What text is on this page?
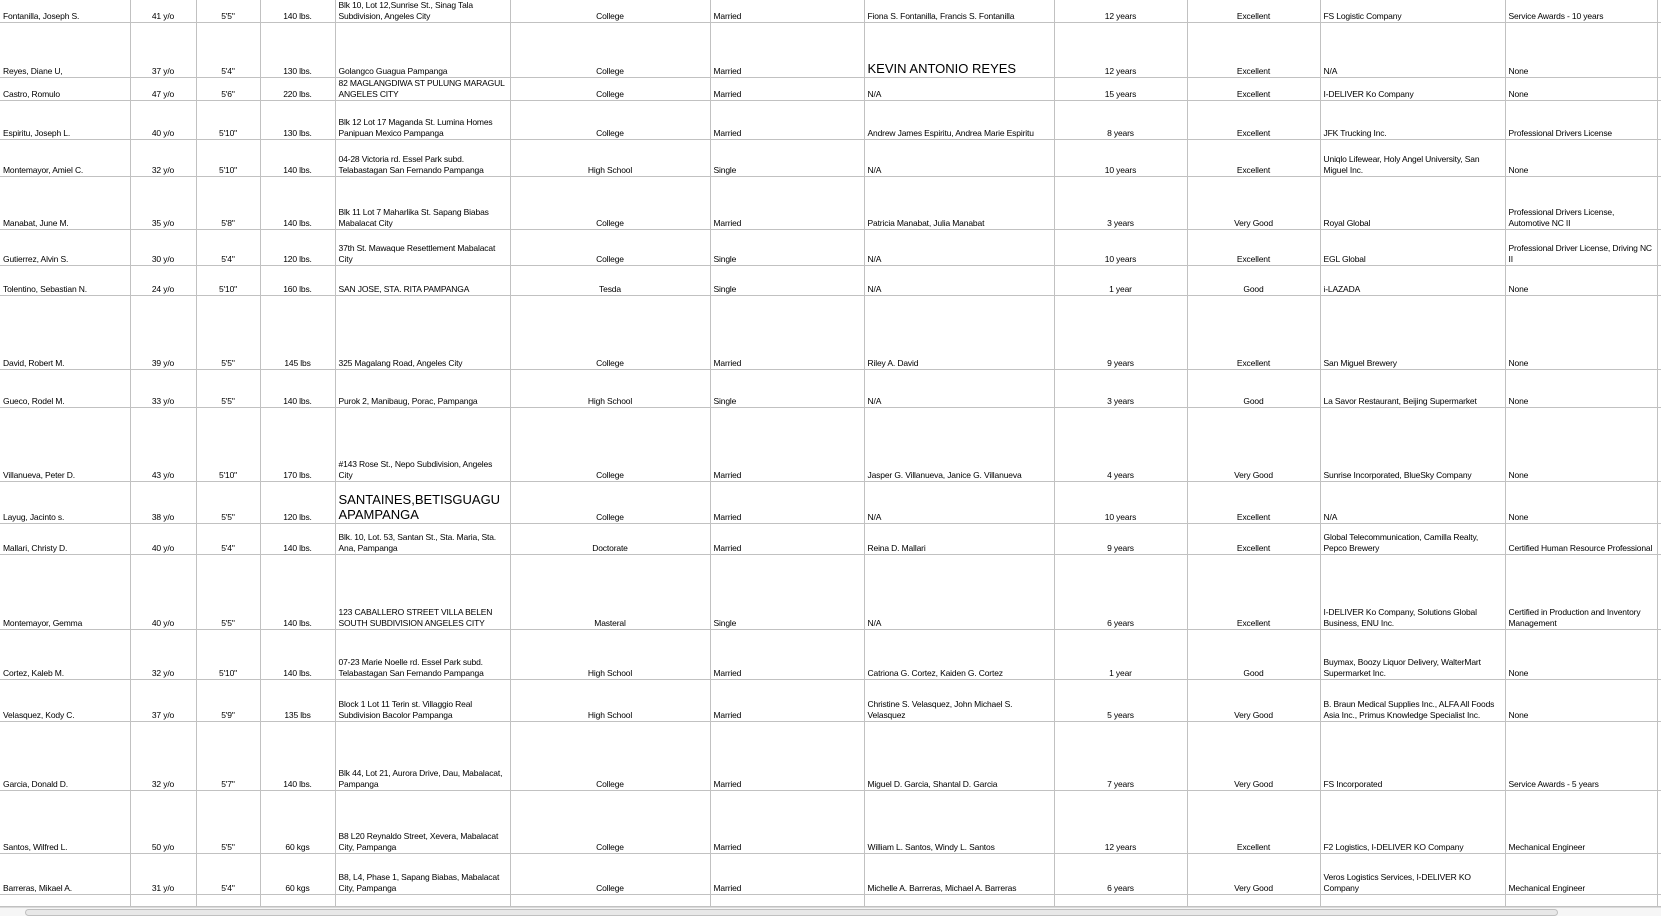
Fontanilla, Joseph S.	41 y/o	5'5"	140 lbs.	Blk 10, Lot 12,Sunrise St., Sinag Tala Subdivision, Angeles City	College	Married	Fiona S. Fontanilla, Francis S. Fontanilla	12 years	Excellent	FS Logistic Company	Service Awards - 10 years	
Reyes, Diane U,	37 y/o	5'4"	130 lbs.	Golangco Guagua Pampanga	College	Married	KEVIN ANTONIO REYES	12 years	Excellent	N/A	None	
Castro, Romulo	47 y/o	5'6"	220 lbs.	82 MAGLANGDIWA ST PULUNG MARAGUL ANGELES CITY	College	Married	N/A	15 years	Excellent	I-DELIVER Ko Company	None	
Espiritu, Joseph L.	40 y/o	5'10"	130 lbs.	Blk 12 Lot 17 Maganda St. Lumina Homes Panipuan Mexico Pampanga	College	Married	Andrew James Espiritu, Andrea Marie Espiritu	8 years	Excellent	JFK Trucking Inc.	Professional Drivers License	
Montemayor, Amiel C.	32 y/o	5'10"	140 lbs.	04-28 Victoria rd. Essel Park subd. Telabastagan San Fernando Pampanga	High School	Single	N/A	10 years	Excellent	Uniqlo Lifewear, Holy Angel University, San Miguel Inc.	None	
Manabat, June M.	35 y/o	5'8"	140 lbs.	Blk 11 Lot 7 Maharlika St. Sapang Biabas Mabalacat City	College	Married	Patricia Manabat, Julia Manabat	3 years	Very Good	Royal Global	Professional Drivers License, Automotive NC II	
Gutierrez, Alvin S.	30 y/o	5'4"	120 lbs.	37th St. Mawaque Resettlement Mabalacat City	College	Single	N/A	10 years	Excellent	EGL Global	Professional Driver License, Driving NC II	
Tolentino, Sebastian N.	24 y/o	5'10"	160 lbs.	SAN JOSE, STA. RITA PAMPANGA	Tesda	Single	N/A	1 year	Good	i-LAZADA	None	
David, Robert M.	39 y/o	5'5"	145 lbs	325 Magalang Road, Angeles City	College	Married	Riley A. David	9 years	Excellent	San Miguel Brewery	None	
Gueco, Rodel M.	33 y/o	5'5"	140 lbs.	Purok 2, Manibaug, Porac, Pampanga	High School	Single	N/A	3 years	Good	La Savor Restaurant, Beijing Supermarket	None	
Villanueva, Peter D.	43 y/o	5'10"	170 lbs.	#143 Rose St., Nepo Subdivision, Angeles City	College	Married	Jasper G. Villanueva, Janice G. Villanueva	4 years	Very Good	Sunrise Incorporated, BlueSky Company	None	
Layug, Jacinto s.	38 y/o	5'5"	120 lbs.	SANTAINES,BETISGUAGUAPAMPANGA	College	Married	N/A	10 years	Excellent	N/A	None	
Mallari, Christy D.	40 y/o	5'4"	140 lbs.	Blk. 10, Lot. 53, Santan St., Sta. Maria, Sta. Ana, Pampanga	Doctorate	Married	Reina D. Mallari	9 years	Excellent	Global Telecommunication, Camilla Realty, Pepco Brewery	Certified Human Resource Professional	
Montemayor, Gemma	40 y/o	5'5"	140 lbs.	123 CABALLERO STREET VILLA BELEN SOUTH SUBDIVISION ANGELES CITY	Masteral	Single	N/A	6 years	Excellent	I-DELIVER Ko Company, Solutions Global Business, ENU Inc.	Certified in Production and Inventory Management	
Cortez, Kaleb M.	32 y/o	5'10"	140 lbs.	07-23 Marie Noelle rd. Essel Park subd. Telabastagan San Fernando Pampanga	High School	Married	Catriona G. Cortez, Kaiden G. Cortez	1 year	Good	Buymax, Boozy Liquor Delivery, WalterMart Supermarket Inc.	None	
Velasquez, Kody C.	37 y/o	5'9"	135 lbs	Block 1 Lot 11 Terin st. Villaggio Real Subdivision Bacolor Pampanga	High School	Married	Christine S. Velasquez, John Michael S. Velasquez	5 years	Very Good	B. Braun Medical Supplies Inc., ALFA All Foods Asia Inc., Primus Knowledge Specialist Inc.	None	
Garcia, Donald D.	32 y/o	5'7"	140 lbs.	Blk 44, Lot 21, Aurora Drive, Dau, Mabalacat, Pampanga	College	Married	Miguel D. Garcia, Shantal D. Garcia	7 years	Very Good	FS Incorporated	Service Awards - 5 years	
Santos, Wilfred L.	50 y/o	5'5"	60 kgs	B8 L20 Reynaldo Street, Xevera, Mabalacat City, Pampanga	College	Married	William L. Santos, Windy L. Santos	12 years	Excellent	F2 Logistics, I-DELIVER KO Company	Mechanical Engineer	
Barreras, Mikael A.	31 y/o	5'4"	60 kgs	B8, L4, Phase 1, Sapang Biabas, Mabalacat City, Pampanga	College	Married	Michelle A. Barreras, Michael A. Barreras	6 years	Very Good	Veros Logistics Services, I-DELIVER KO Company	Mechanical Engineer	
